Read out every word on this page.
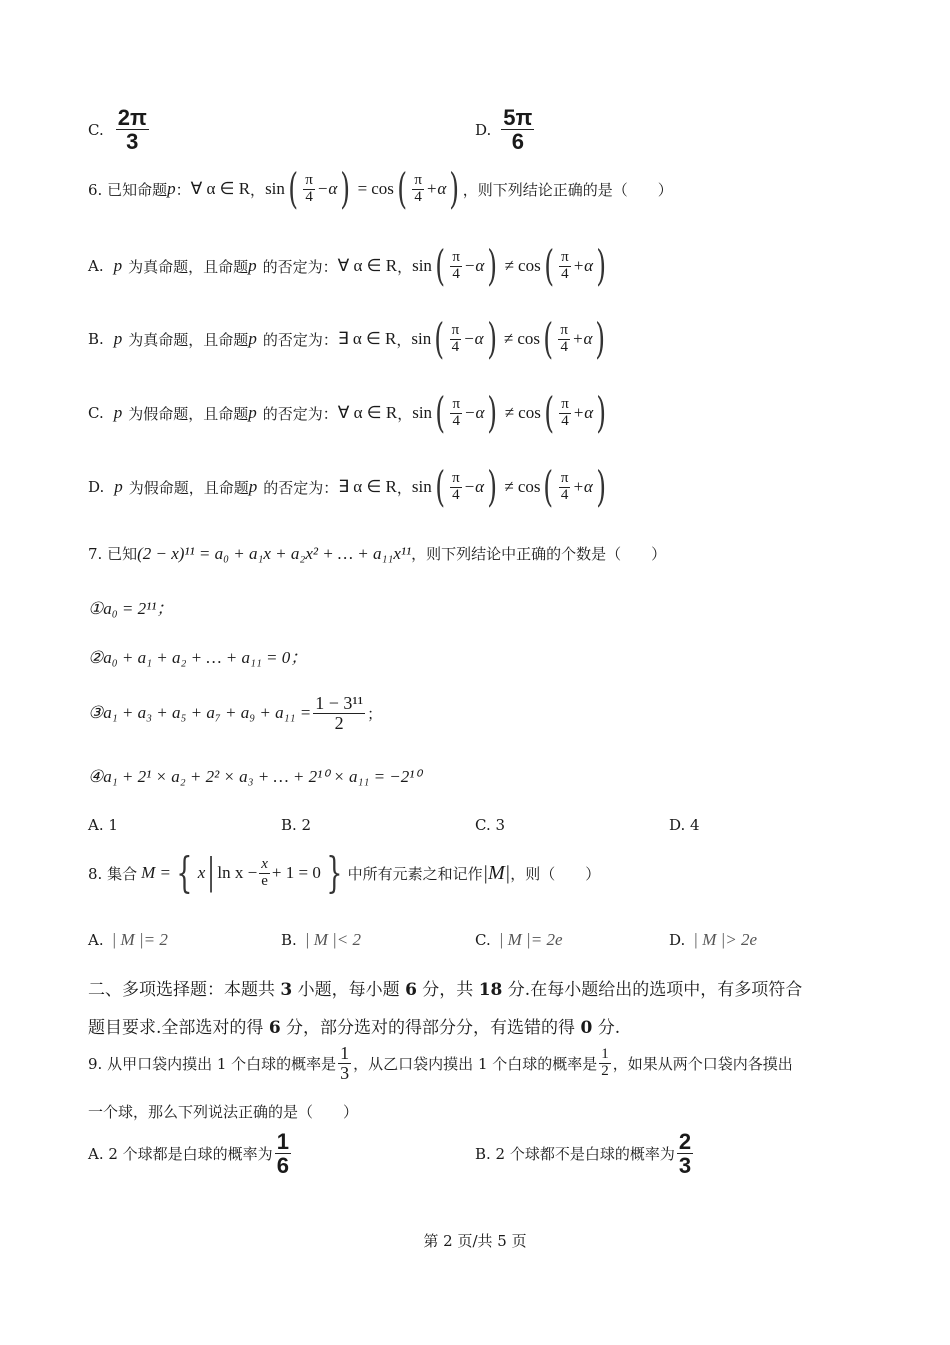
C. $\frac{2\pi}{3}$	D. $\frac{5\pi}{6}$
6. 已知命题 p ： ∀ α ∈ R ， sin ( $\frac{\pi}{4} -\alpha$ ) = cos ( $\frac{\pi}{4} +\alpha$ ) ，则下列结论正确的是（　　）
A. p 为真命题，且命题 p 的否定为： ∀ α ∈ R ， sin ( $\frac{\pi}{4} -\alpha$ ) ≠ cos ( $\frac{\pi}{4} +\alpha$ )
B. p 为真命题，且命题 p 的否定为： ∃ α ∈ R ， sin ( $\frac{\pi}{4} -\alpha$ ) ≠ cos ( $\frac{\pi}{4} +\alpha$ )
C. p 为假命题，且命题 p 的否定为： ∀ α ∈ R ， sin ( $\frac{\pi}{4} -\alpha$ ) ≠ cos ( $\frac{\pi}{4} +\alpha$ )
D. p 为假命题，且命题 p 的否定为： ∃ α ∈ R ， sin ( $\frac{\pi}{4} -\alpha$ ) ≠ cos ( $\frac{\pi}{4} +\alpha$ )
7. 已知 (2 − x)¹¹ = a₀ + a₁x + a₂x² + … + a₁₁x¹¹ ，则下列结论中正确的个数是（　　）
①a₀ = 2¹¹；
②a₀ + a₁ + a₂ + … + a₁₁ = 0；
③a₁ + $a_3 + a_5 + a_7 + a_9 + a_{11} = \frac{\text{1 − 3¹¹}}{2}$ ；
④a₁ + 2¹ × a₂ + 2² × a₃ + … + 2¹⁰ × a₁₁ = −2¹⁰
A. 1	B. 2	C. 3	D. 4
8. 集合 M = { x | $\ln x - \frac{x}{e} + 1 = 0$ } 中所有元素之和记作 |M| ，则（　　）
A. | M |= 2	B. | M |< 2	C. | M |= 2e	D. | M |> 2e
二、多项选择题：本题共 3 小题，每小题 6 分，共 18 分.在每小题给出的选项中，有多项符合
题目要求.全部选对的得 6 分，部分选对的得部分分，有选错的得 0 分.
9. 从甲口袋内摸出 1 个白球的概率是 $\frac{1}{3}$ ，从乙口袋内摸出 1 个白球的概率是 $\frac{1}{2}$ ，如果从两个口袋内各摸出
一个球，那么下列说法正确的是（　　）
A. 2 个球都是白球的概率为 $\frac{1}{6}$	B. 2 个球都不是白球的概率为 $\frac{2}{3}$
第 2 页/共 5 页
